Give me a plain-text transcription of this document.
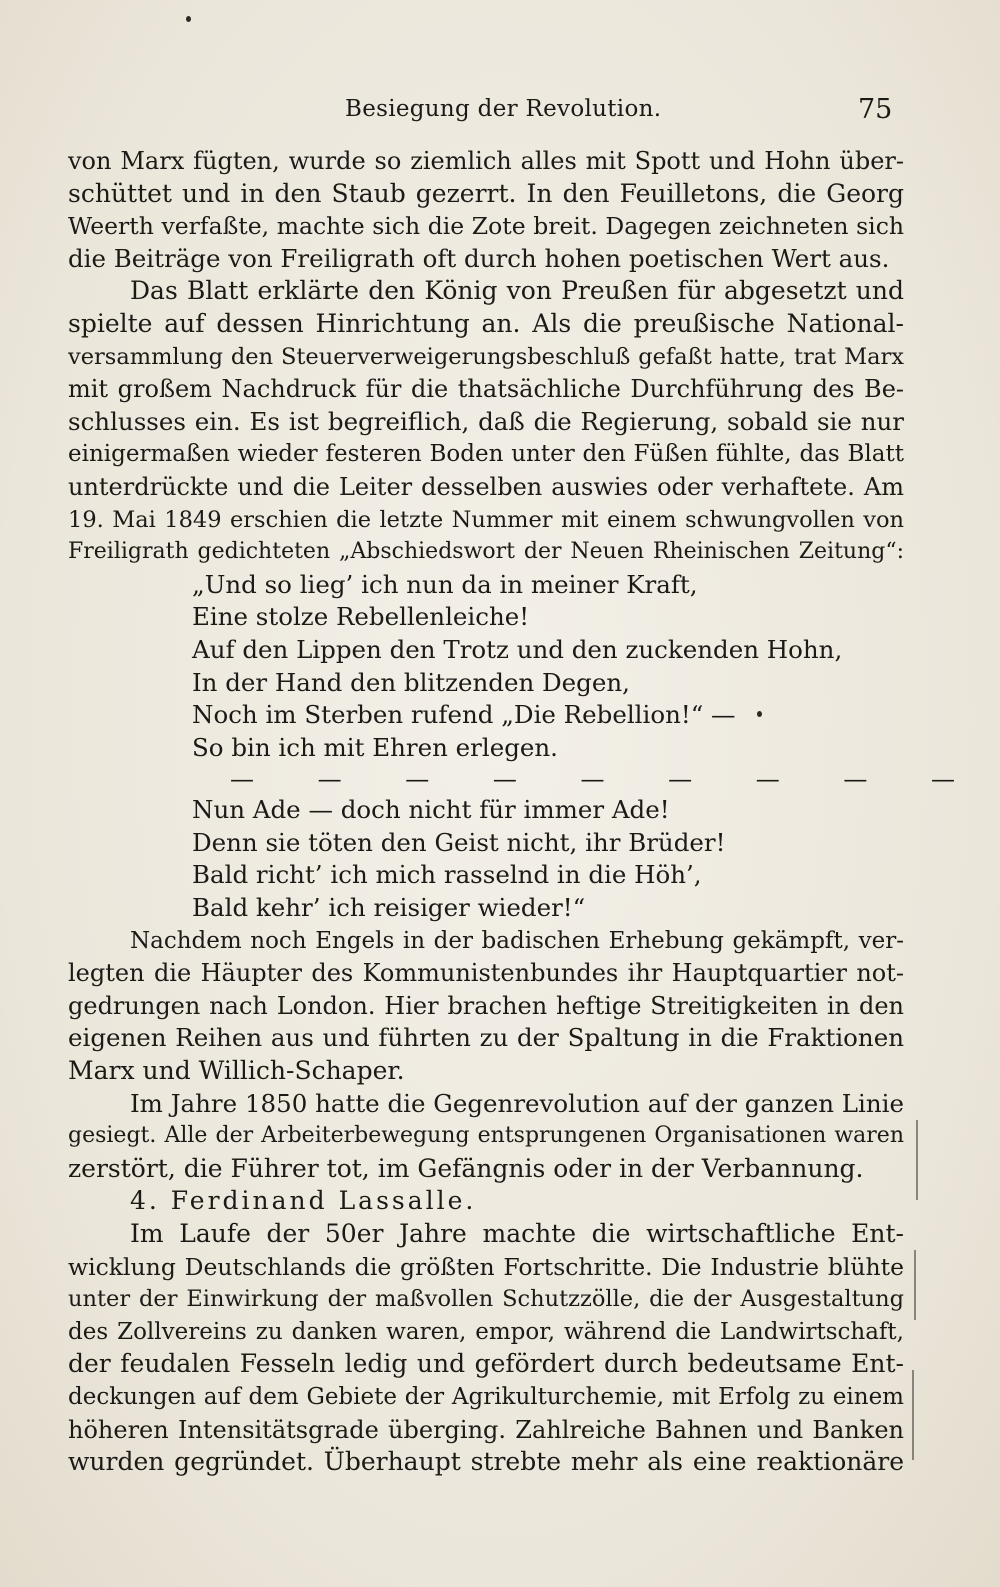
Besiegung der Revolution.	75
von Marx fügten, wurde so ziemlich alles mit Spott und Hohn über-
schüttet und in den Staub gezerrt. In den Feuilletons, die Georg
Weerth verfaßte, machte sich die Zote breit. Dagegen zeichneten sich
die Beiträge von Freiligrath oft durch hohen poetischen Wert aus.
Das Blatt erklärte den König von Preußen für abgesetzt und
spielte auf dessen Hinrichtung an. Als die preußische National-
versammlung den Steuerverweigerungsbeschluß gefaßt hatte, trat Marx
mit großem Nachdruck für die thatsächliche Durchführung des Be-
schlusses ein. Es ist begreiflich, daß die Regierung, sobald sie nur
einigermaßen wieder festeren Boden unter den Füßen fühlte, das Blatt
unterdrückte und die Leiter desselben auswies oder verhaftete. Am
19. Mai 1849 erschien die letzte Nummer mit einem schwungvollen von
Freiligrath gedichteten „Abschiedswort der Neuen Rheinischen Zeitung“:
„Und so lieg’ ich nun da in meiner Kraft,
Eine stolze Rebellenleiche!
Auf den Lippen den Trotz und den zuckenden Hohn,
In der Hand den blitzenden Degen,
Noch im Sterben rufend „Die Rebellion!“ —
So bin ich mit Ehren erlegen.
— — — — — — — — —
Nun Ade — doch nicht für immer Ade!
Denn sie töten den Geist nicht, ihr Brüder!
Bald richt’ ich mich rasselnd in die Höh’,
Bald kehr’ ich reisiger wieder!“
Nachdem noch Engels in der badischen Erhebung gekämpft, ver-
legten die Häupter des Kommunistenbundes ihr Hauptquartier not-
gedrungen nach London. Hier brachen heftige Streitigkeiten in den
eigenen Reihen aus und führten zu der Spaltung in die Fraktionen
Marx und Willich-Schaper.
Im Jahre 1850 hatte die Gegenrevolution auf der ganzen Linie
gesiegt. Alle der Arbeiterbewegung entsprungenen Organisationen waren
zerstört, die Führer tot, im Gefängnis oder in der Verbannung.
4. Ferdinand Lassalle.
Im Laufe der 50er Jahre machte die wirtschaftliche Ent-
wicklung Deutschlands die größten Fortschritte. Die Industrie blühte
unter der Einwirkung der maßvollen Schutzzölle, die der Ausgestaltung
des Zollvereins zu danken waren, empor, während die Landwirtschaft,
der feudalen Fesseln ledig und gefördert durch bedeutsame Ent-
deckungen auf dem Gebiete der Agrikulturchemie, mit Erfolg zu einem
höheren Intensitätsgrade überging. Zahlreiche Bahnen und Banken
wurden gegründet. Überhaupt strebte mehr als eine reaktionäre
